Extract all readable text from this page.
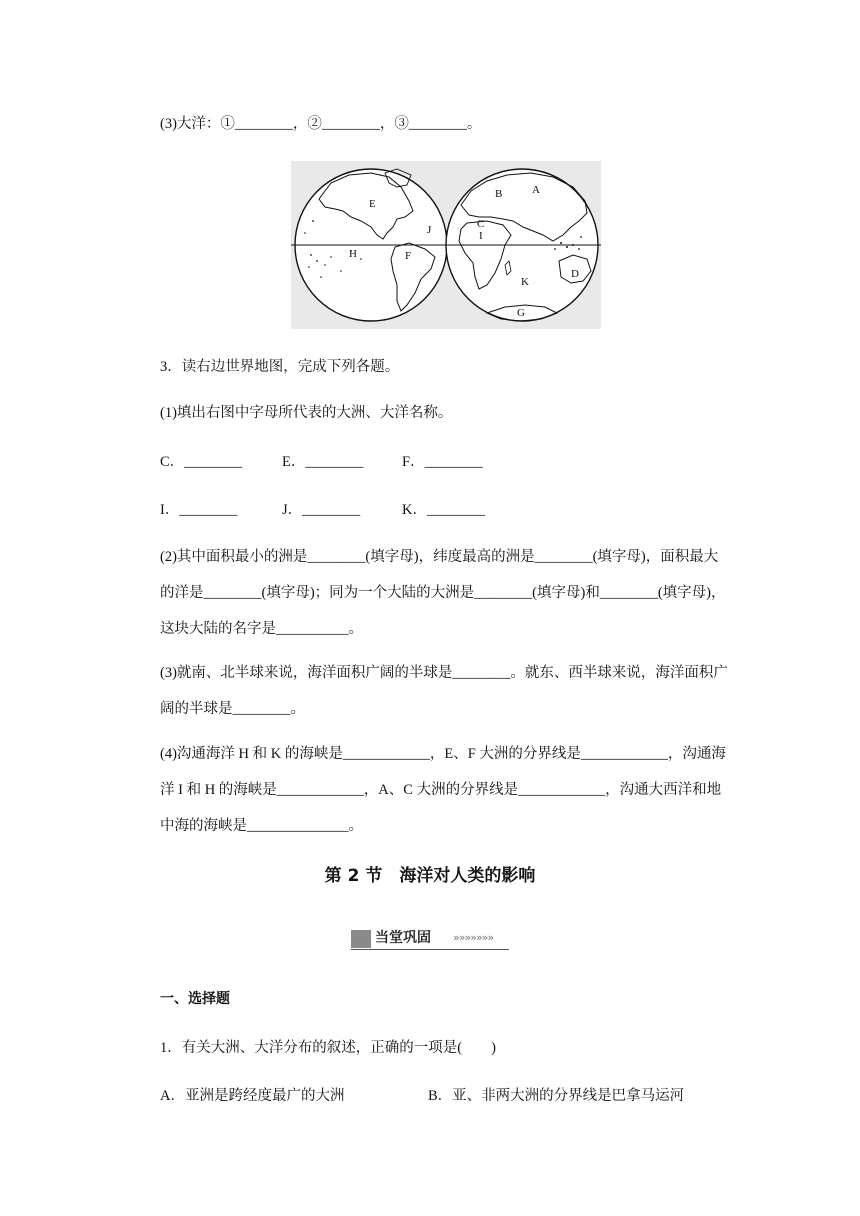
(3)大洋：①________，②________，③________。
E
J
H	F
A
B
C
I
D
K
G
3．读右边世界地图，完成下列各题。
(1)填出右图中字母所代表的大洲、大洋名称。
C．________	E．________	F．________
I．________	J．________	K．________
(2)其中面积最小的洲是________(填字母)，纬度最高的洲是________(填字母)，面积最大的洋是________(填字母)；同为一个大陆的大洲是________(填字母)和________(填字母)，这块大陆的名字是__________。
(3)就南、北半球来说，海洋面积广阔的半球是________。就东、西半球来说，海洋面积广阔的半球是________。
(4)沟通海洋 H 和 K 的海峡是____________，E、F 大洲的分界线是____________，沟通海洋 I 和 H 的海峡是____________，A、C 大洲的分界线是____________，沟通大西洋和地中海的海峡是______________。
第 2 节　海洋对人类的影响
当堂巩固 »»»»»»»
一、选择题
1．有关大洲、大洋分布的叙述，正确的一项是(　　)
A．亚洲是跨经度最广的大洲	B．亚、非两大洲的分界线是巴拿马运河
